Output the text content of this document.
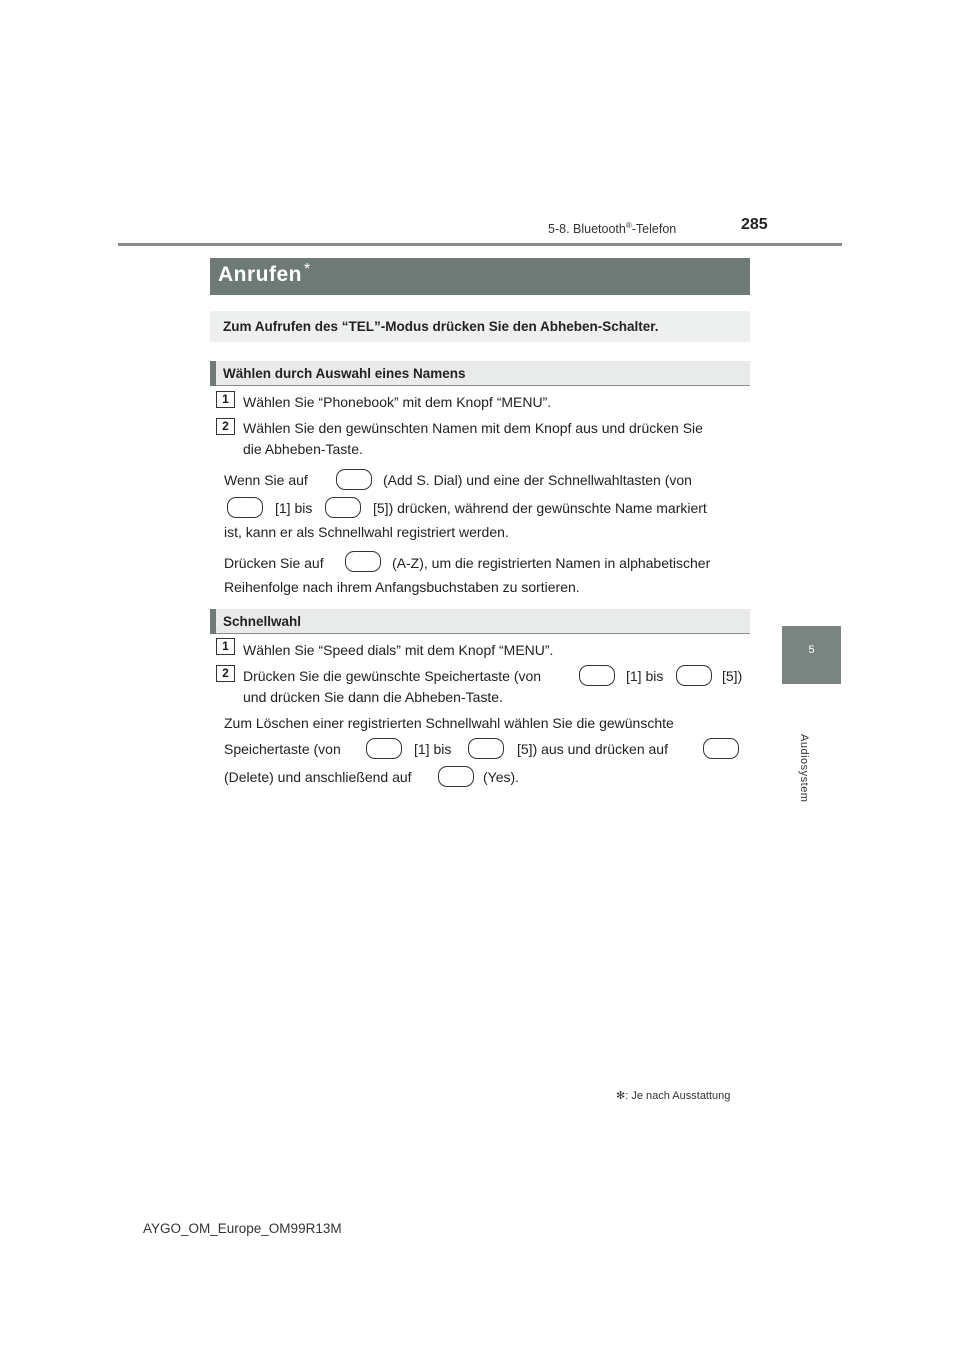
5-8. Bluetooth®-Telefon	285
5
Audiosystem
Anrufen *
Zum Aufrufen des “TEL”-Modus drücken Sie den Abheben-Schalter.
Wählen durch Auswahl eines Namens
1	Wählen Sie “Phonebook” mit dem Knopf “MENU”.
2	Wählen Sie den gewünschten Namen mit dem Knopf aus und drücken Sie
die Abheben-Taste.
Wenn Sie auf	(Add S. Dial) und eine der Schnellwahltasten (von
[1] bis	[5]) drücken, während der gewünschte Name markiert
ist, kann er als Schnellwahl registriert werden.
Drücken Sie auf	(A-Z), um die registrierten Namen in alphabetischer
Reihenfolge nach ihrem Anfangsbuchstaben zu sortieren.
Schnellwahl
1	Wählen Sie “Speed dials” mit dem Knopf “MENU”.
2	Drücken Sie die gewünschte Speichertaste (von	[1] bis	[5])
und drücken Sie dann die Abheben-Taste.
Zum Löschen einer registrierten Schnellwahl wählen Sie die gewünschte
Speichertaste (von	[1] bis	[5]) aus und drücken auf
(Delete) und anschließend auf	(Yes).
✻: Je nach Ausstattung
AYGO_OM_Europe_OM99R13M
